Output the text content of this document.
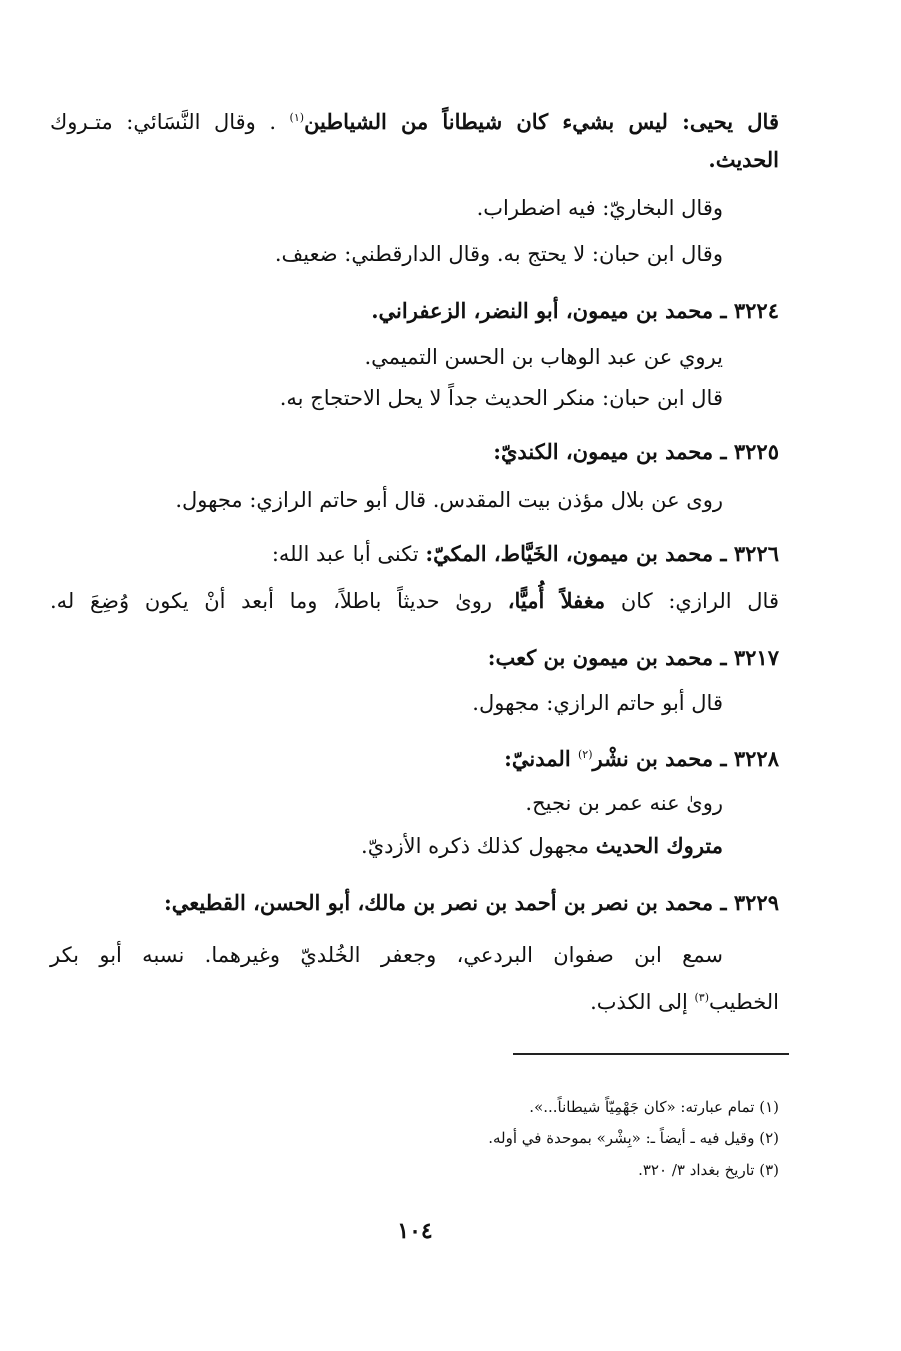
قال يحيى: ليس بشيء كان شيطاناً من الشياطين$^{(١)}$ . وقال النَّسَائي: متـروك
الحديث.
وقال البخاريّ: فيه اضطراب.
وقال ابن حبان: لا يحتج به. وقال الدارقطني: ضعيف.
٣٢٢٤ ـ محمد بن ميمون، أبو النضر، الزعفراني.
يروي عن عبد الوهاب بن الحسن التميمي.
قال ابن حبان: منكر الحديث جداً لا يحل الاحتجاج به.
٣٢٢٥ ـ محمد بن ميمون، الكنديّ:
روى عن بلال مؤذن بيت المقدس. قال أبو حاتم الرازي: مجهول.
٣٢٢٦ ـ محمد بن ميمون، الخَيَّاط، المكيّ: تكنى أبا عبد الله:
قال الرازي: كان مغفلاً أُميًّا، روىٰ حديثاً باطلاً، وما أبعد أنْ يكون وُضِعَ له.
٣٢١٧ ـ محمد بن ميمون بن كعب:
قال أبو حاتم الرازي: مجهول.
٣٢٢٨ ـ محمد بن نشْر$^{(٢)}$ المدنيّ:
روىٰ عنه عمر بن نجيح.
متروك الحديث مجهول كذلك ذكره الأزديّ.
٣٢٢٩ ـ محمد بن نصر بن أحمد بن نصر بن مالك، أبو الحسن، القطيعي:
سمع ابن صفوان البردعي، وجعفر الخُلديّ وغيرهما. نسبه أبو بكر
الخطيب$^{(٣)}$ إلى الكذب.
(١) تمام عبارته: «كان جَهْمِيّاً شيطاناً...».
(٢) وقيل فيه ـ أيضاً ـ: «بِشْر» بموحدة في أوله.
(٣) تاريخ بغداد ٣/ ٣٢٠.
١٠٤
